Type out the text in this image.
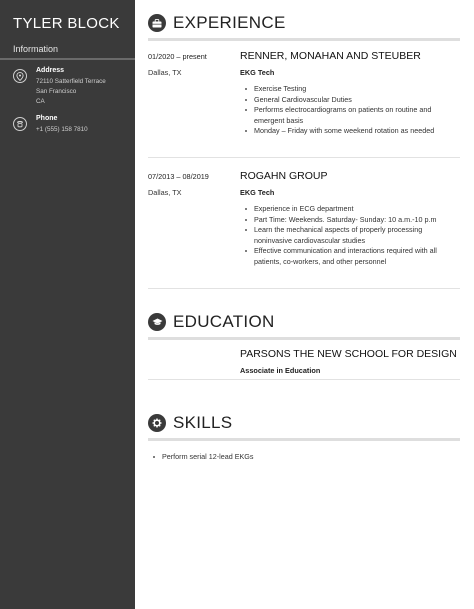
TYLER BLOCK
Information
Address
72110 Satterfield Terrace
San Francisco
CA
Phone
+1 (555) 158 7810
EXPERIENCE
01/2020 – present
Dallas, TX
RENNER, MONAHAN AND STEUBER
EKG Tech
Exercise Testing
General Cardiovascular Duties
Performs electrocardiograms on patients on routine and
emergent basis
Monday – Friday with some weekend rotation as needed
07/2013 – 08/2019
Dallas, TX
ROGAHN GROUP
EKG Tech
Experience in ECG department
Part Time: Weekends. Saturday- Sunday: 10 a.m.-10 p.m
Learn the mechanical aspects of properly processing
noninvasive cardiovascular studies
Effective communication and interactions required with all
patients, co-workers, and other personnel
EDUCATION
PARSONS THE NEW SCHOOL FOR DESIGN
Associate in Education
SKILLS
Perform serial 12-lead EKGs
